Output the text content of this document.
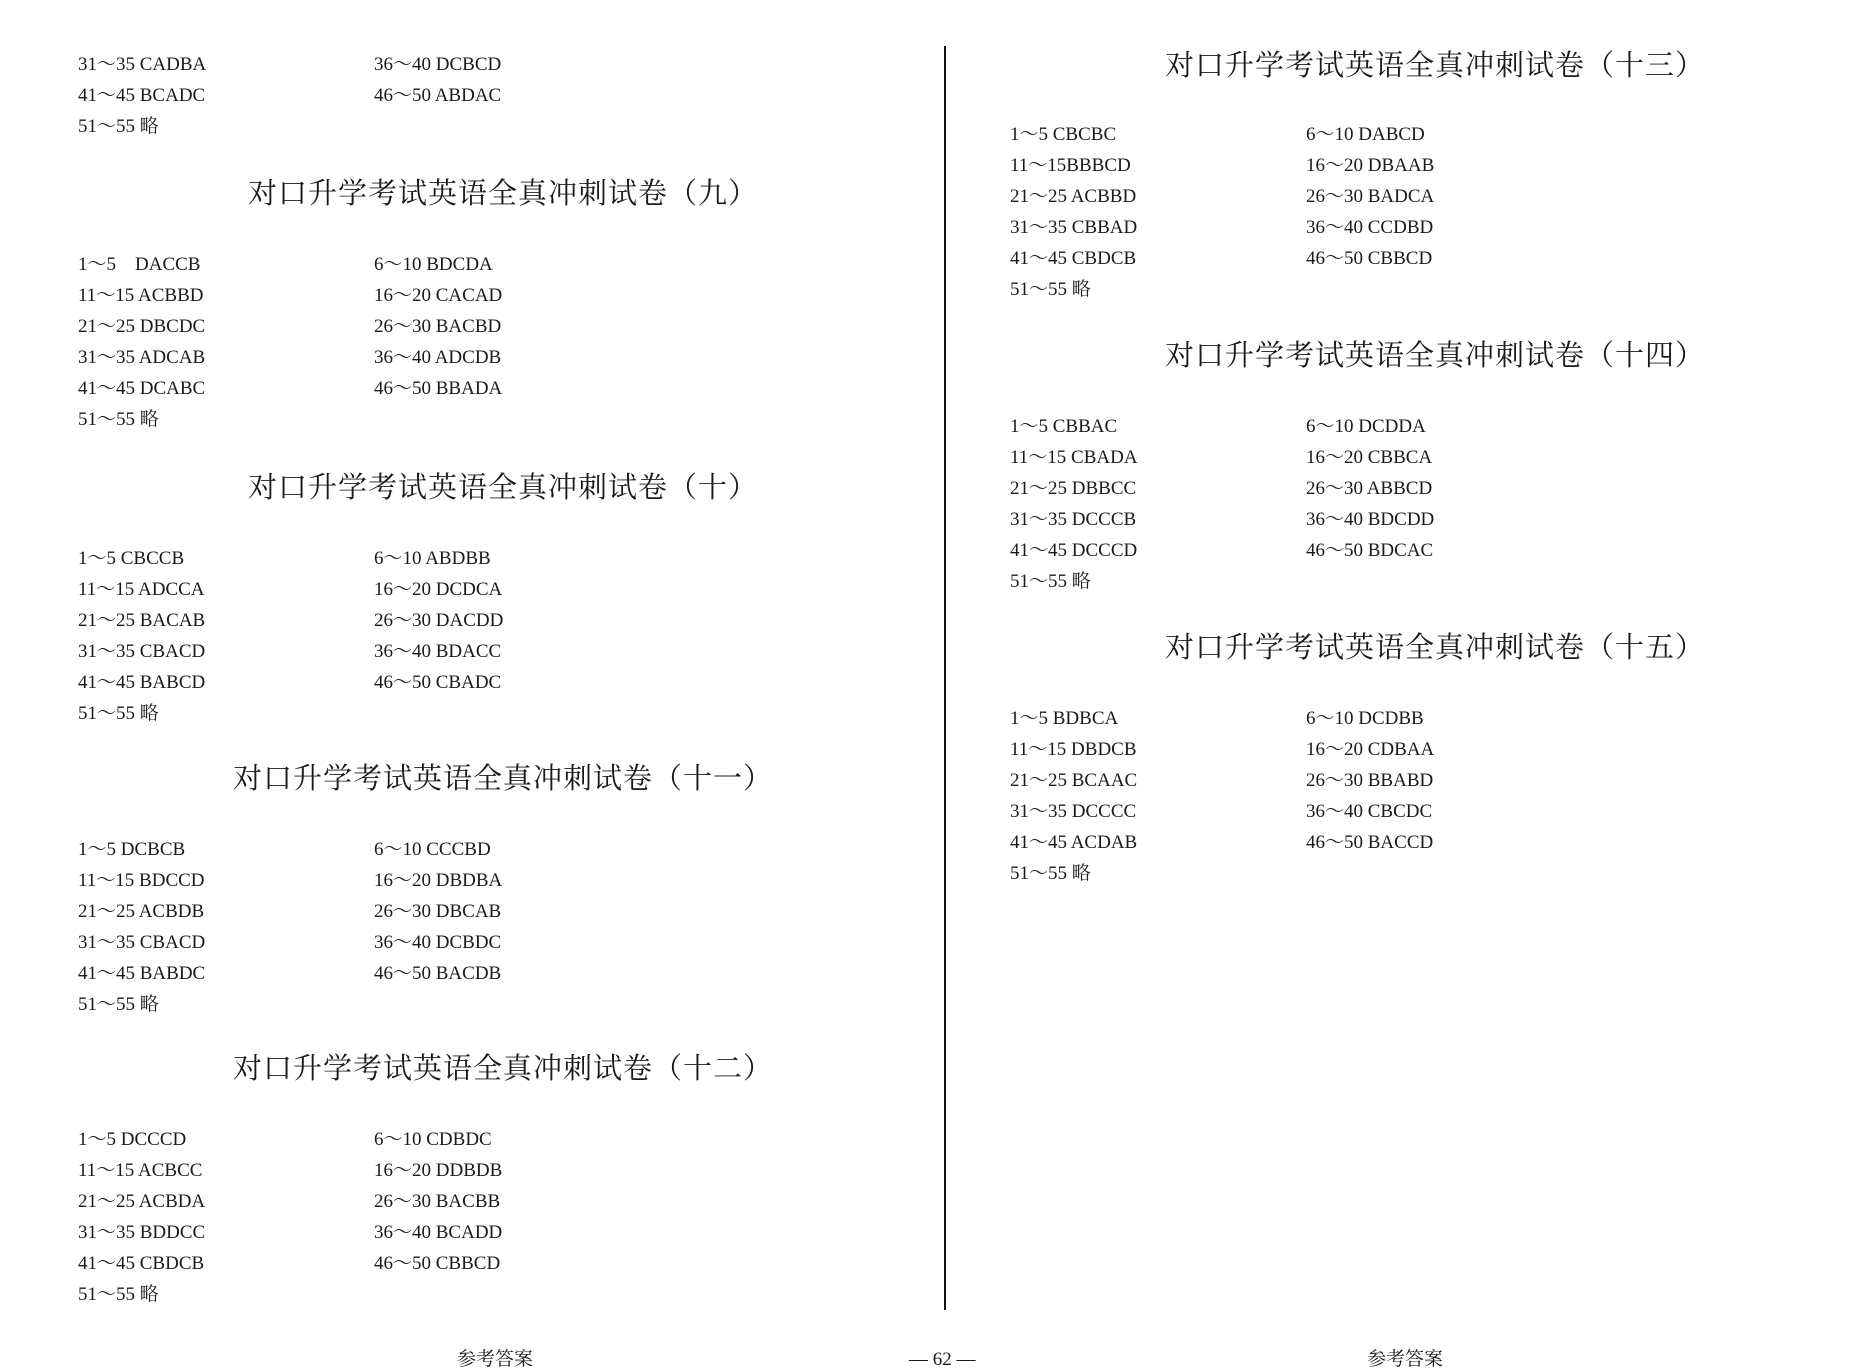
31～35 CADBA	36～40 DCBCD
41～45 BCADC	46～50 ABDAC
51～55 略
对口升学考试英语全真冲刺试卷（九）
1～5    DACCB	6～10 BDCDA
11～15 ACBBD	16～20 CACAD
21～25 DBCDC	26～30 BACBD
31～35 ADCAB	36～40 ADCDB
41～45 DCABC	46～50 BBADA
51～55 略
对口升学考试英语全真冲刺试卷（十）
1～5 CBCCB	6～10 ABDBB
11～15 ADCCA	16～20 DCDCA
21～25 BACAB	26～30 DACDD
31～35 CBACD	36～40 BDACC
41～45 BABCD	46～50 CBADC
51～55 略
对口升学考试英语全真冲刺试卷（十一）
1～5 DCBCB	6～10 CCCBD
11～15 BDCCD	16～20 DBDBA
21～25 ACBDB	26～30 DBCAB
31～35 CBACD	36～40 DCBDC
41～45 BABDC	46～50 BACDB
51～55 略
对口升学考试英语全真冲刺试卷（十二）
1～5 DCCCD	6～10 CDBDC
11～15 ACBCC	16～20 DDBDB
21～25 ACBDA	26～30 BACBB
31～35 BDDCC	36～40 BCADD
41～45 CBDCB	46～50 CBBCD
51～55 略
对口升学考试英语全真冲刺试卷（十三）
1～5 CBCBC	6～10 DABCD
11～15BBBCD	16～20 DBAAB
21～25 ACBBD	26～30 BADCA
31～35 CBBAD	36～40 CCDBD
41～45 CBDCB	46～50 CBBCD
51～55 略
对口升学考试英语全真冲刺试卷（十四）
1～5 CBBAC	6～10 DCDDA
11～15 CBADA	16～20 CBBCA
21～25 DBBCC	26～30 ABBCD
31～35 DCCCB	36～40 BDCDD
41～45 DCCCD	46～50 BDCAC
51～55 略
对口升学考试英语全真冲刺试卷（十五）
1～5 BDBCA	6～10 DCDBB
11～15 DBDCB	16～20 CDBAA
21～25 BCAAC	26～30 BBABD
31～35 DCCCC	36～40 CBCDC
41～45 ACDAB	46～50 BACCD
51～55 略
参考答案	— 62 —	参考答案
